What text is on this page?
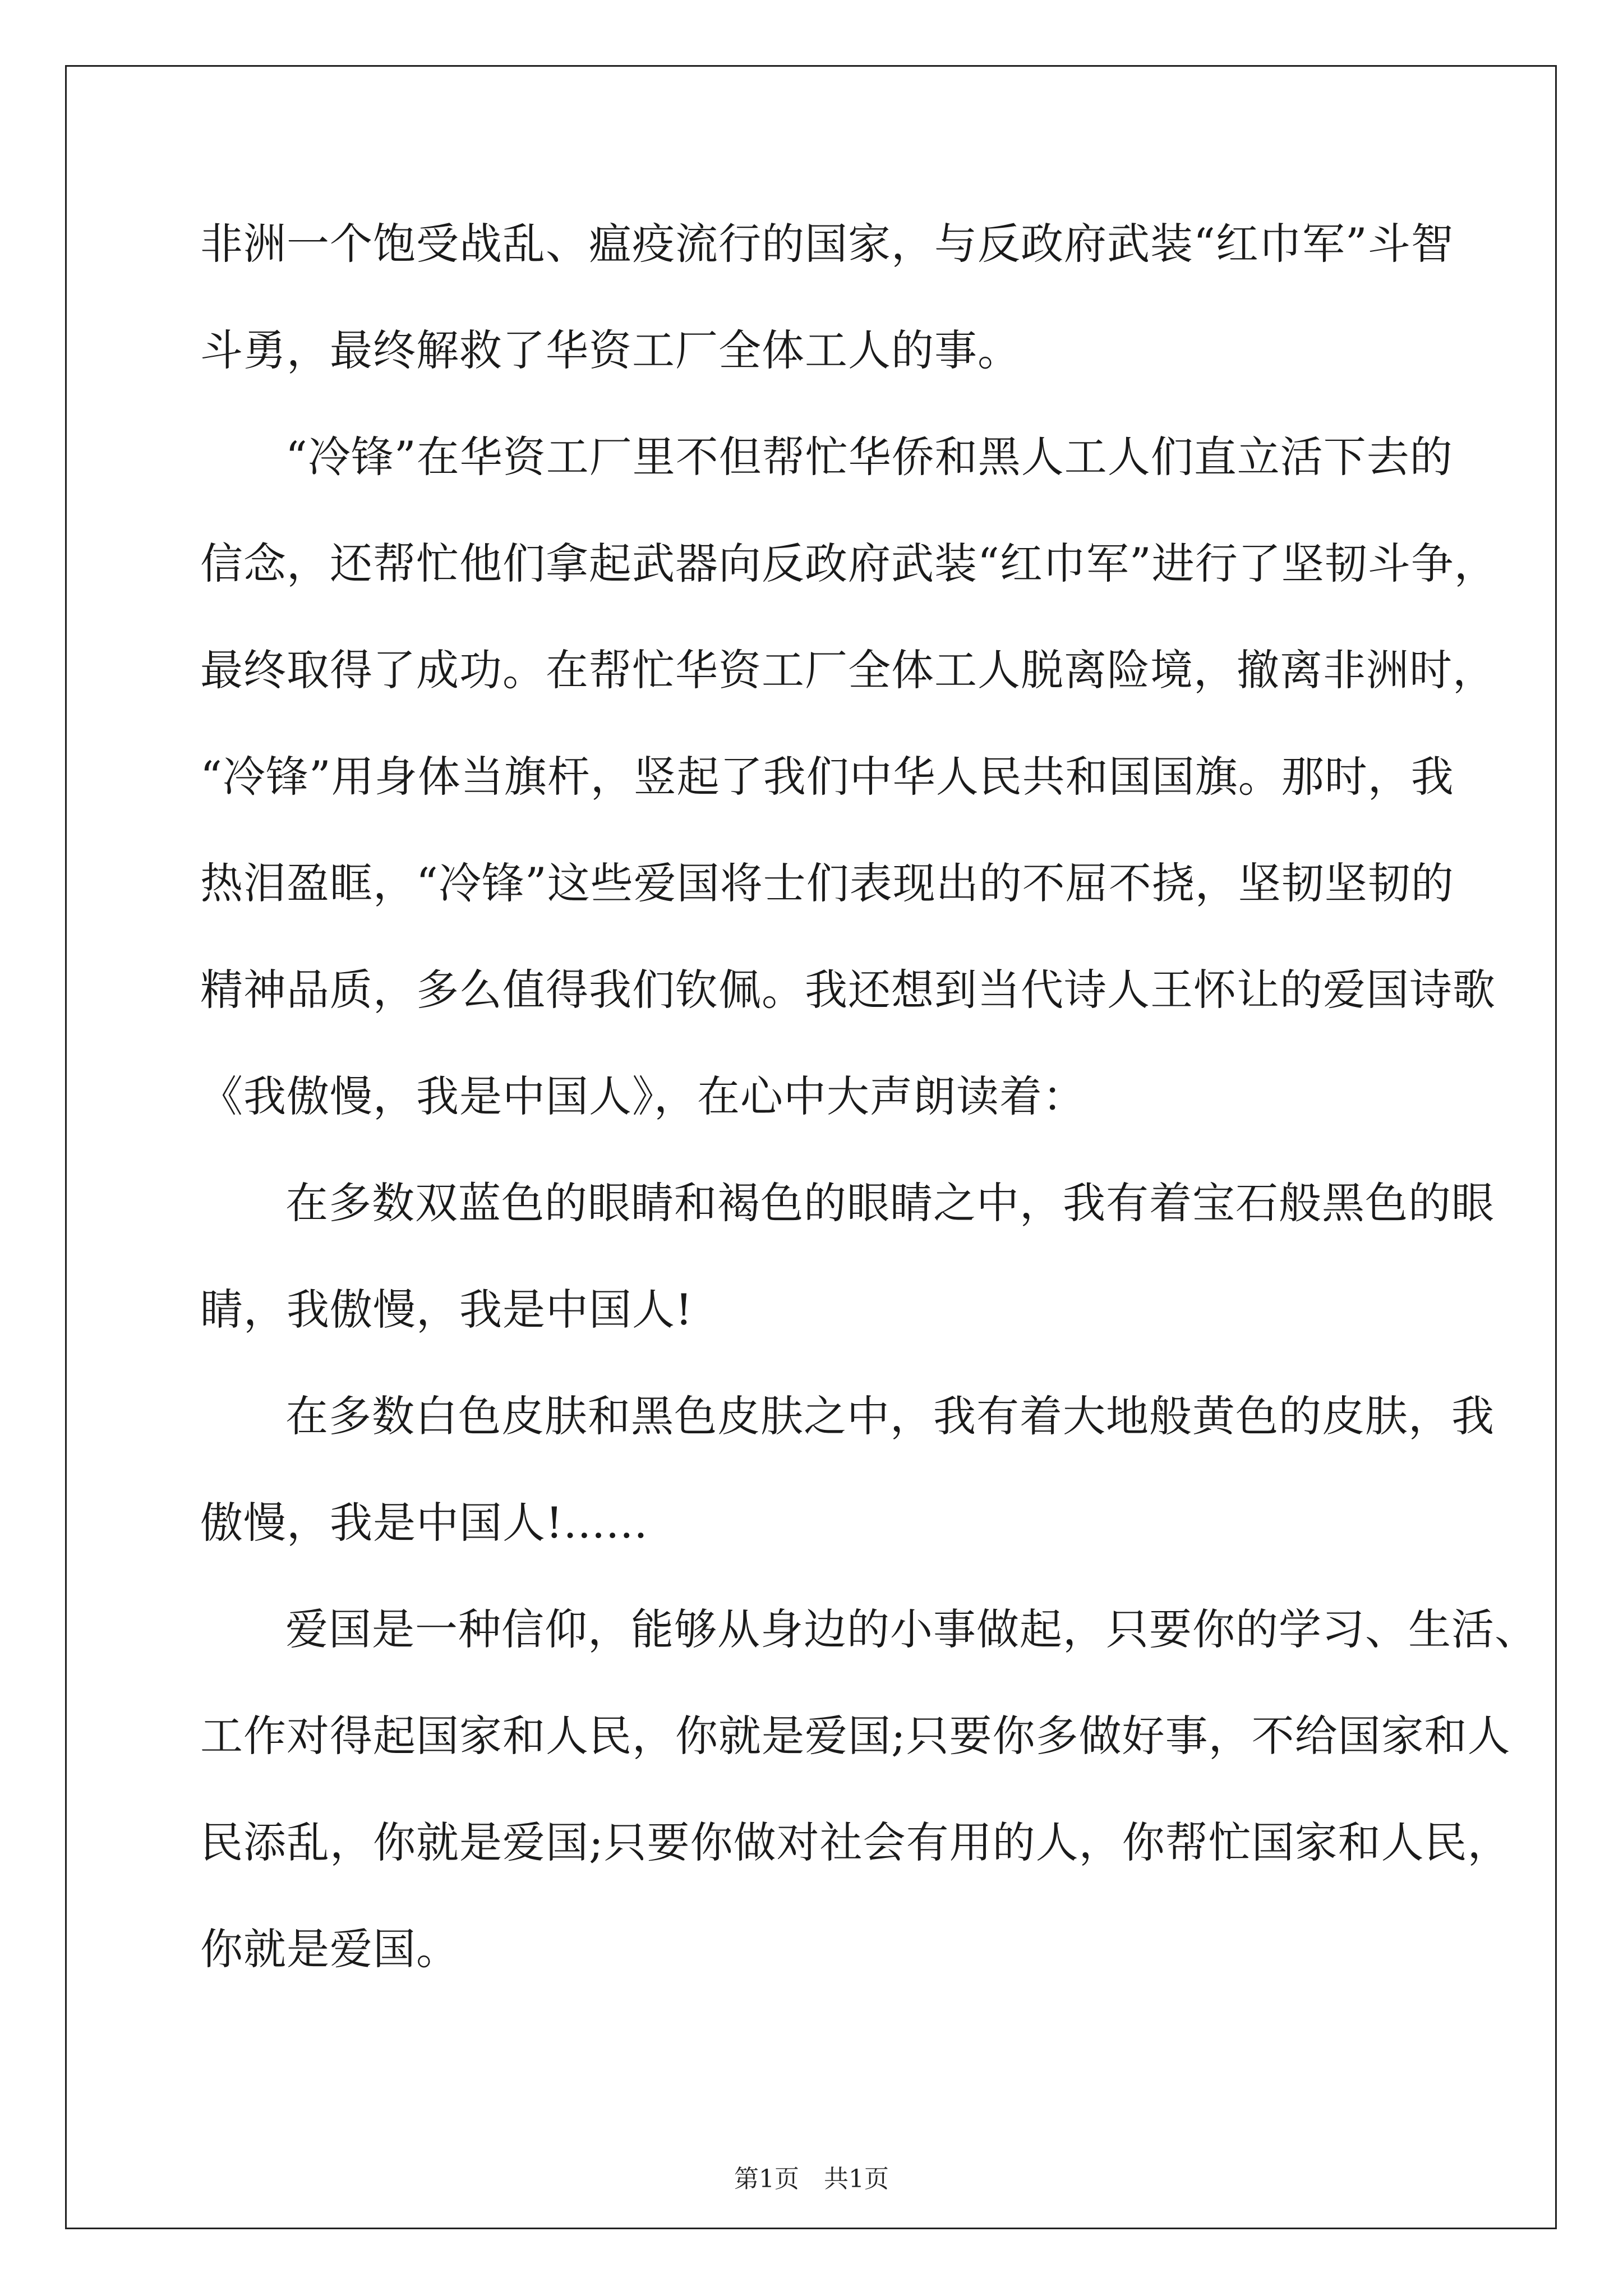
非洲一个饱受战乱、瘟疫流行的国家，与反政府武装“红巾军”斗智
斗勇，最终解救了华资工厂全体工人的事。
“冷锋”在华资工厂里不但帮忙华侨和黑人工人们直立活下去的
信念，还帮忙他们拿起武器向反政府武装“红巾军”进行了坚韧斗争，
最终取得了成功。在帮忙华资工厂全体工人脱离险境，撤离非洲时，
“冷锋”用身体当旗杆，竖起了我们中华人民共和国国旗。那时，我
热泪盈眶，“冷锋”这些爱国将士们表现出的不屈不挠，坚韧坚韧的
精神品质，多么值得我们钦佩。我还想到当代诗人王怀让的爱国诗歌
《我傲慢，我是中国人》，在心中大声朗读着：
在多数双蓝色的眼睛和褐色的眼睛之中，我有着宝石般黑色的眼
睛，我傲慢，我是中国人!
在多数白色皮肤和黑色皮肤之中，我有着大地般黄色的皮肤，我
傲慢，我是中国人!......
爱国是一种信仰，能够从身边的小事做起，只要你的学习、生活、
工作对得起国家和人民，你就是爱国;只要你多做好事，不给国家和人
民添乱，你就是爱国;只要你做对社会有用的人，你帮忙国家和人民，
你就是爱国。
第1页　共1页
